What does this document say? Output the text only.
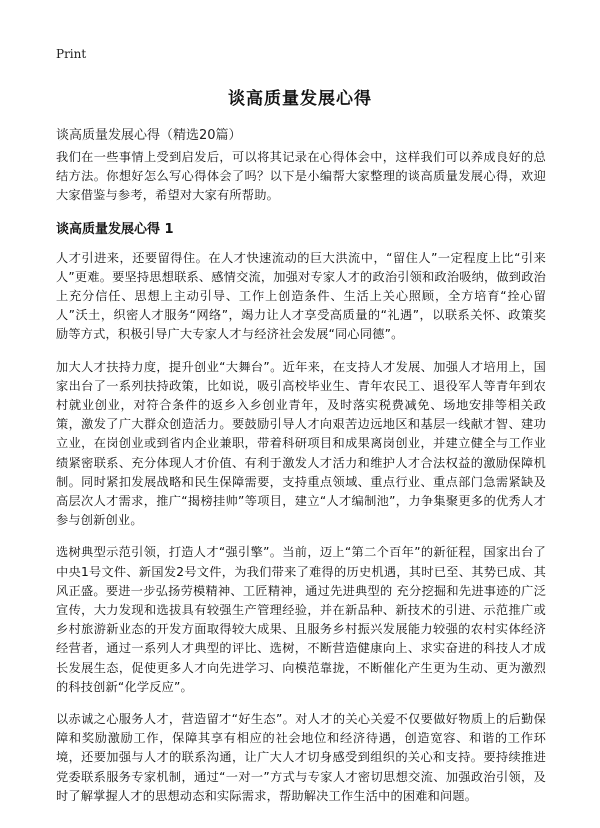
Print
谈高质量发展心得
谈高质量发展心得（精选20篇）

我们在一些事情上受到启发后，可以将其记录在心得体会中，这样我们可以养成良好的总结方法。你想好怎么写心得体会了吗？以下是小编帮大家整理的谈高质量发展心得，欢迎大家借鉴与参考，希望对大家有所帮助。

谈高质量发展心得 1

人才引进来，还要留得住。在人才快速流动的巨大洪流中，“留住人”一定程度上比“引来人”更难。要坚持思想联系、感情交流，加强对专家人才的政治引领和政治吸纳，做到政治上充分信任、思想上主动引导、工作上创造条件、生活上关心照顾，全方培育“拴心留人”沃土，织密人才服务“网络”，竭力让人才享受高质量的“礼遇”，以联系关怀、政策奖励等方式，积极引导广大专家人才与经济社会发展“同心同德”。

加大人才扶持力度，提升创业“大舞台”。近年来，在支持人才发展、加强人才培用上，国家出台了一系列扶持政策，比如说，吸引高校毕业生、青年农民工、退役军人等青年到农村就业创业，对符合条件的返乡入乡创业青年，及时落实税费减免、场地安排等相关政策，激发了广大群众创造活力。要鼓励引导人才向艰苦边远地区和基层一线献才智、建功立业，在岗创业或到省内企业兼职，带着科研项目和成果离岗创业，并建立健全与工作业绩紧密联系、充分体现人才价值、有利于激发人才活力和维护人才合法权益的激励保障机制。同时紧扣发展战略和民生保障需要，支持重点领域、重点行业、重点部门急需紧缺及高层次人才需求，推广“揭榜挂帅”等项目，建立“人才编制池”，力争集聚更多的优秀人才参与创新创业。

选树典型示范引领，打造人才“强引擎”。当前，迈上“第二个百年”的新征程，国家出台了中央1号文件、新国发2号文件，为我们带来了难得的历史机遇，其时已至、其势已成、其风正盛。要进一步弘扬劳模精神、工匠精神，通过先进典型的 充分挖掘和先进事迹的广泛宣传，大力发现和选拔具有较强生产管理经验，并在新品种、新技术的引进、示范推广或乡村旅游新业态的开发方面取得较大成果、且服务乡村振兴发展能力较强的农村实体经济经营者，通过一系列人才典型的评比、选树，不断营造健康向上、求实奋进的科技人才成长发展生态，促使更多人才向先进学习、向模范靠拢，不断催化产生更为生动、更为激烈的科技创新“化学反应”。

以赤诚之心服务人才，营造留才“好生态”。对人才的关心关爱不仅要做好物质上的后勤保障和奖励激励工作，保障其享有相应的社会地位和经济待遇，创造宽容、和谐的工作环境，还要加强与人才的联系沟通，让广大人才切身感受到组织的关心和支持。要持续推进党委联系服务专家机制，通过“一对一”方式与专家人才密切思想交流、加强政治引领，及时了解掌握人才的思想动态和实际需求，帮助解决工作生活中的困难和问题。
